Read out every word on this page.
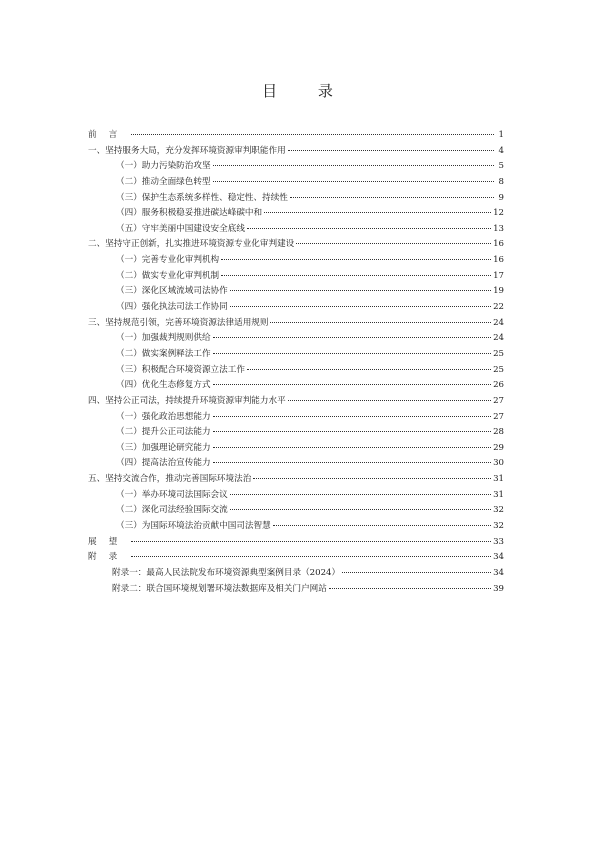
目 录
前言	1
一、坚持服务大局，充分发挥环境资源审判职能作用	4
（一）助力污染防治攻坚	5
（二）推动全面绿色转型	8
（三）保护生态系统多样性、稳定性、持续性	9
（四）服务积极稳妥推进碳达峰碳中和	12
（五）守牢美丽中国建设安全底线	13
二、坚持守正创新，扎实推进环境资源专业化审判建设	16
（一）完善专业化审判机构	16
（二）做实专业化审判机制	17
（三）深化区域流域司法协作	19
（四）强化执法司法工作协同	22
三、坚持规范引领，完善环境资源法律适用规则	24
（一）加强裁判规则供给	24
（二）做实案例释法工作	25
（三）积极配合环境资源立法工作	25
（四）优化生态修复方式	26
四、坚持公正司法，持续提升环境资源审判能力水平	27
（一）强化政治思想能力	27
（二）提升公正司法能力	28
（三）加强理论研究能力	29
（四）提高法治宣传能力	30
五、坚持交流合作，推动完善国际环境法治	31
（一）举办环境司法国际会议	31
（二）深化司法经验国际交流	32
（三）为国际环境法治贡献中国司法智慧	32
展望	33
附录	34
附录一：最高人民法院发布环境资源典型案例目录（2024）	34
附录二：联合国环境规划署环境法数据库及相关门户网站	39
